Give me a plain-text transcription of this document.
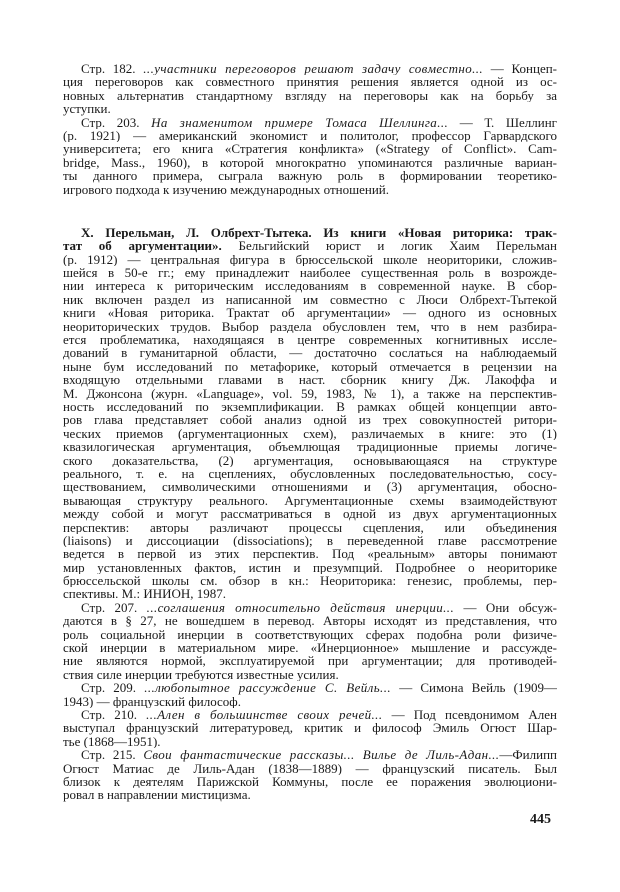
Стр. 182. ...участники переговоров решают задачу совместно... — Концеп-
ция переговоров как совместного принятия решения является одной из ос-
новных альтернатив стандартному взгляду на переговоры как на борьбу за
уступки.
Стр. 203. На знаменитом примере Томаса Шеллинга... — Т. Шеллинг
(р. 1921) — американский экономист и политолог, профессор Гарвардского
университета; его книга «Стратегия конфликта» («Strategy of Conflict». Cam-
bridge, Mass., 1960), в которой многократно упоминаются различные вариан-
ты данного примера, сыграла важную роль в формировании теоретико-
игрового подхода к изучению международных отношений.
Х. Перельман, Л. Олбрехт-Тытека. Из книги «Новая риторика: трак-
тат об аргументации». Бельгийский юрист и логик Хаим Перельман
(р. 1912) — центральная фигура в брюссельской школе неориторики, сложив-
шейся в 50-е гг.; ему принадлежит наиболее существенная роль в возрожде-
нии интереса к риторическим исследованиям в современной науке. В сбор-
ник включен раздел из написанной им совместно с Люси Олбрехт-Тытекой
книги «Новая риторика. Трактат об аргументации» — одного из основных
неориторических трудов. Выбор раздела обусловлен тем, что в нем разбира-
ется проблематика, находящаяся в центре современных когнитивных иссле-
дований в гуманитарной области, — достаточно сослаться на наблюдаемый
ныне бум исследований по метафорике, который отмечается в рецензии на
входящую отдельными главами в наст. сборник книгу Дж. Лакоффа и
М. Джонсона (журн. «Language», vol. 59, 1983, № 1), а также на перспектив-
ность исследований по экземплификации. В рамках общей концепции авто-
ров глава представляет собой анализ одной из трех совокупностей ритори-
ческих приемов (аргументационных схем), различаемых в книге: это (1)
квазилогическая аргументация, объемлющая традиционные приемы логиче-
ского доказательства, (2) аргументация, основывающаяся на структуре
реального, т. е. на сцеплениях, обусловленных последовательностью, сосу-
ществованием, символическими отношениями и (3) аргументация, обосно-
вывающая структуру реального. Аргументационные схемы взаимодействуют
между собой и могут рассматриваться в одной из двух аргументационных
перспектив: авторы различают процессы сцепления, или объединения
(liaisons) и диссоциации (dissociations); в переведенной главе рассмотрение
ведется в первой из этих перспектив. Под «реальным» авторы понимают
мир установленных фактов, истин и презумпций. Подробнее о неориторике
брюссельской школы см. обзор в кн.: Неориторика: генезис, проблемы, пер-
спективы. М.: ИНИОН, 1987.
Стр. 207. ...соглашения относительно действия инерции... — Они обсуж-
даются в § 27, не вошедшем в перевод. Авторы исходят из представления, что
роль социальной инерции в соответствующих сферах подобна роли физиче-
ской инерции в материальном мире. «Инерционное» мышление и рассужде-
ние являются нормой, эксплуатируемой при аргументации; для противодей-
ствия силе инерции требуются известные усилия.
Стр. 209. ...любопытное рассуждение С. Вейль... — Симона Вейль (1909—
1943) — французский философ.
Стр. 210. ...Ален в большинстве своих речей... — Под псевдонимом Ален
выступал французский литературовед, критик и философ Эмиль Огюст Шар-
тье (1868—1951).
Стр. 215. Свои фантастические рассказы... Вилье де Лиль-Адан...—Филипп
Огюст Матиас де Лиль-Адан (1838—1889) — французский писатель. Был
близок к деятелям Парижской Коммуны, после ее поражения эволюциони-
ровал в направлении мистицизма.
445
